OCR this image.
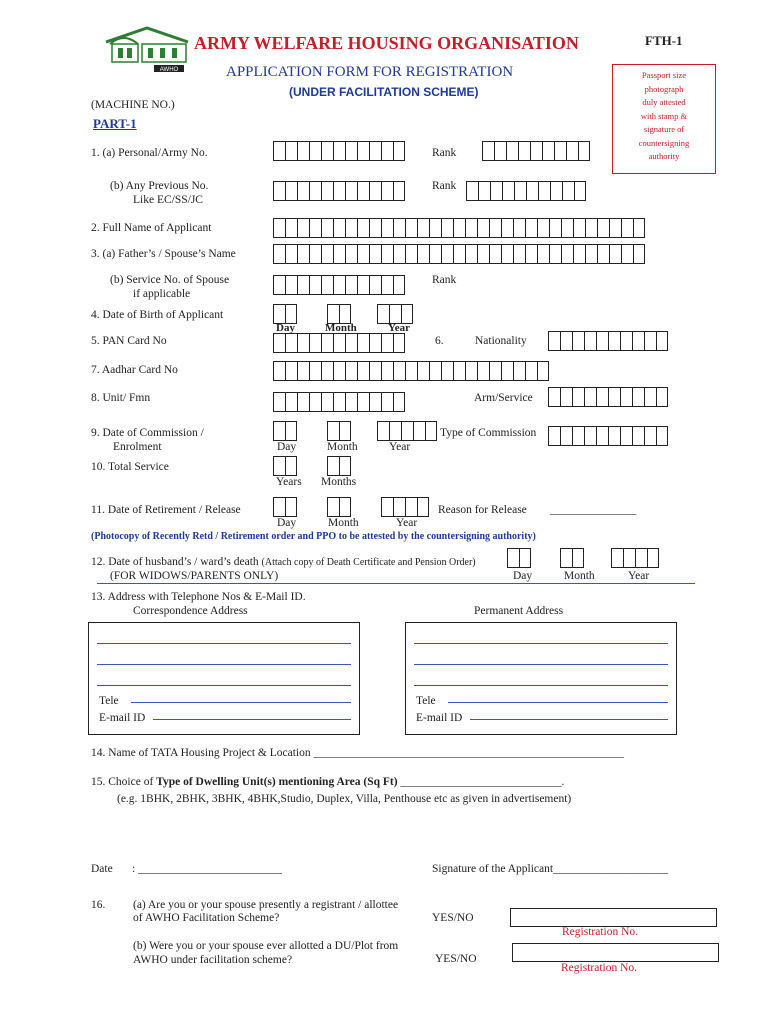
AWHO
ARMY WELFARE HOUSING ORGANISATION	FTH-1
APPLICATION FORM FOR REGISTRATION
(UNDER FACILITATION SCHEME)
(MACHINE NO.)
PART-1
Passport size
photograph
duly attested
with stamp &
signature of
countersigning
authority
1. (a) Personal/Army No.	Rank
(b) Any Previous No.
Like EC/SS/JC
Rank
2. Full Name of Applicant
3. (a) Father’s / Spouse’s Name
(b) Service No. of Spouse
if applicable
Rank
4. Date of Birth of Applicant
Day	Month	Year
5. PAN Card No	6.	Nationality
7. Aadhar Card No
8. Unit/ Fmn	Arm/Service
9. Date of Commission /
Enrolment	Day	Month	Year
Type of Commission
10. Total Service
Years Months
11. Date of Retirement / Release
Day	Month	Year
Reason for Release _______________
(Photocopy of Recently Retd / Retirement order and PPO to be attested by the countersigning authority)
12. Date of husband’s / ward’s death (Attach copy of Death Certificate and Pension Order)
(FOR WIDOWS/PARENTS ONLY)	Day	Month	Year
13. Address with Telephone Nos & E-Mail ID.
Correspondence Address	Permanent Address
Tele
E-mail ID
Tele
E-mail ID
14. Name of TATA Housing Project & Location ______________________________________________________
15. Choice of Type of Dwelling Unit(s) mentioning Area (Sq Ft) ____________________________.
(e.g. 1BHK, 2BHK, 3BHK, 4BHK,Studio, Duplex, Villa, Penthouse etc as given in advertisement)
Date : _________________________	Signature of the Applicant____________________
16. (a) Are you or your spouse presently a registrant / allottee
of AWHO Facilitation Scheme?	YES/NO
Registration No.
(b) Were you or your spouse ever allotted a DU/Plot from
AWHO under facilitation scheme?	YES/NO
Registration No.
